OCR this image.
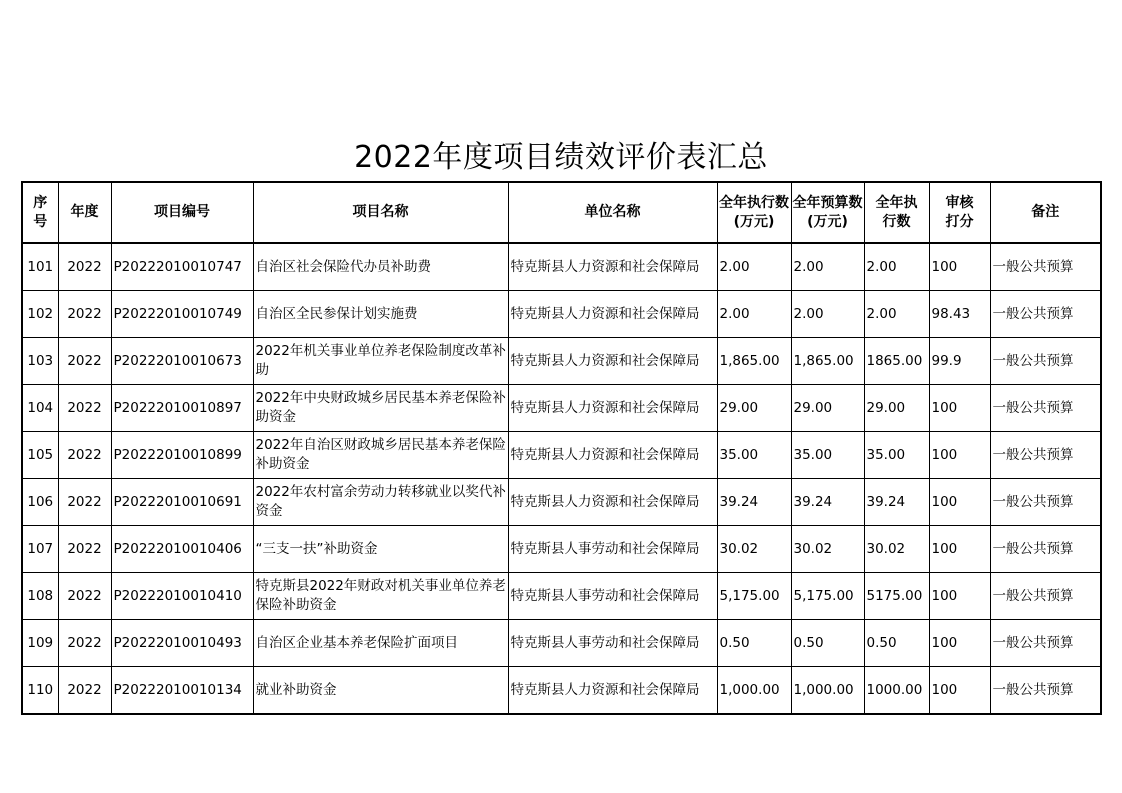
2022年度项目绩效评价表汇总
序号	年度	项目编号	项目名称	单位名称	全年执行数(万元)	全年预算数(万元)	全年执行数	审核打分	备注
101	2022	P20222010010747	自治区社会保险代办员补助费	特克斯县人力资源和社会保障局	2.00	2.00	2.00	100	一般公共预算
102	2022	P20222010010749	自治区全民参保计划实施费	特克斯县人力资源和社会保障局	2.00	2.00	2.00	98.43	一般公共预算
103	2022	P20222010010673	2022年机关事业单位养老保险制度改革补助	特克斯县人力资源和社会保障局	1,865.00	1,865.00	1865.00	99.9	一般公共预算
104	2022	P20222010010897	2022年中央财政城乡居民基本养老保险补助资金	特克斯县人力资源和社会保障局	29.00	29.00	29.00	100	一般公共预算
105	2022	P20222010010899	2022年自治区财政城乡居民基本养老保险补助资金	特克斯县人力资源和社会保障局	35.00	35.00	35.00	100	一般公共预算
106	2022	P20222010010691	2022年农村富余劳动力转移就业以奖代补资金	特克斯县人力资源和社会保障局	39.24	39.24	39.24	100	一般公共预算
107	2022	P20222010010406	“三支一扶”补助资金	特克斯县人事劳动和社会保障局	30.02	30.02	30.02	100	一般公共预算
108	2022	P20222010010410	特克斯县2022年财政对机关事业单位养老保险补助资金	特克斯县人事劳动和社会保障局	5,175.00	5,175.00	5175.00	100	一般公共预算
109	2022	P20222010010493	自治区企业基本养老保险扩面项目	特克斯县人事劳动和社会保障局	0.50	0.50	0.50	100	一般公共预算
110	2022	P20222010010134	就业补助资金	特克斯县人力资源和社会保障局	1,000.00	1,000.00	1000.00	100	一般公共预算
